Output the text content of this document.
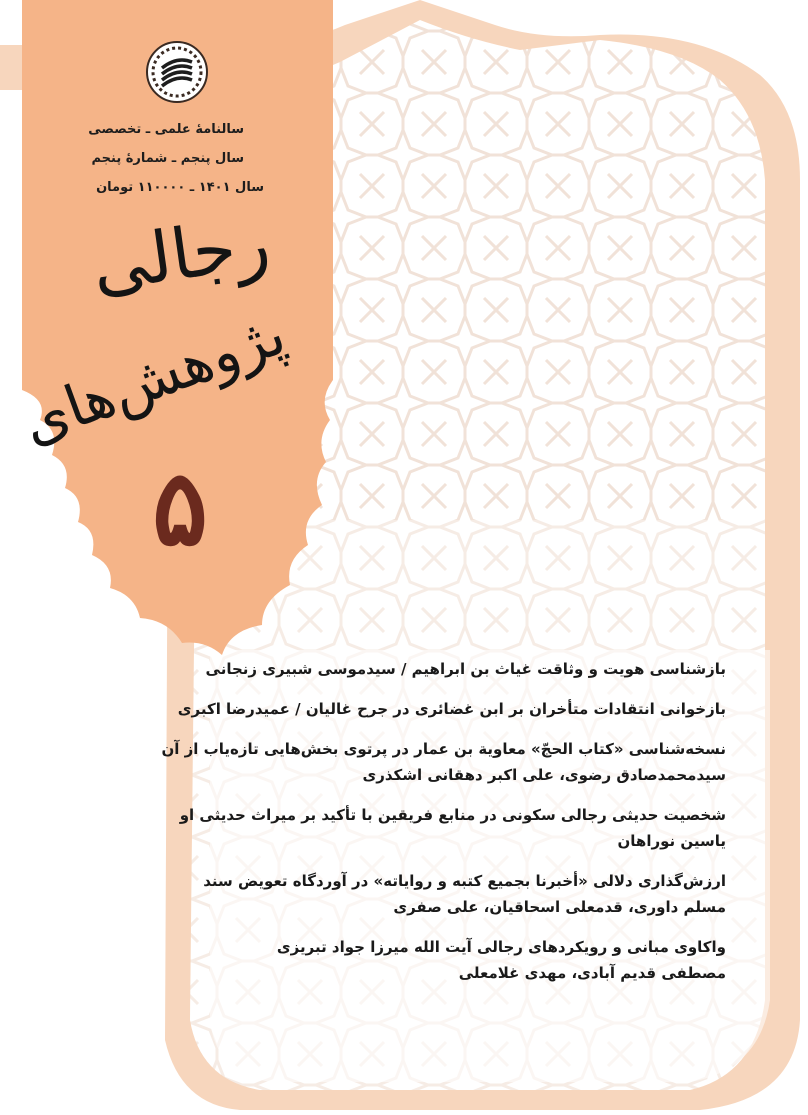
سالنامهٔ علمی ـ تخصصی
سال پنجم ـ شمارهٔ پنجم
سال ۱۴۰۱ ـ ۱۱۰۰۰۰ تومان
رجالی
پژوهش‌های
۵
بازشناسی هویت و وثاقت غیاث بن ابراهیم / سیدموسی شبیری زنجانی
بازخوانی انتقادات متأخران بر ابن غضائری در جرح غالیان / عمیدرضا اکبری
نسخه‌شناسی «کتاب الحجّ» معاویة بن عمار در پرتوی بخش‌هایی تازه‌یاب از آن
سیدمحمدصادق رضوی، علی اکبر دهقانی اشکذری
شخصیت حدیثی رجالی سکونی در منابع فریقین با تأکید بر میراث حدیثی او
یاسین نوراهان
ارزش‌گذاری دلالی «أخبرنا بجمیع کتبه و روایاته» در آوردگاه تعویض سند
مسلم داوری، قدمعلی اسحاقیان، علی صفری
واکاوی مبانی و رویکردهای رجالی آیت الله میرزا جواد تبریزی
مصطفی قدیم آبادی، مهدی غلامعلی
